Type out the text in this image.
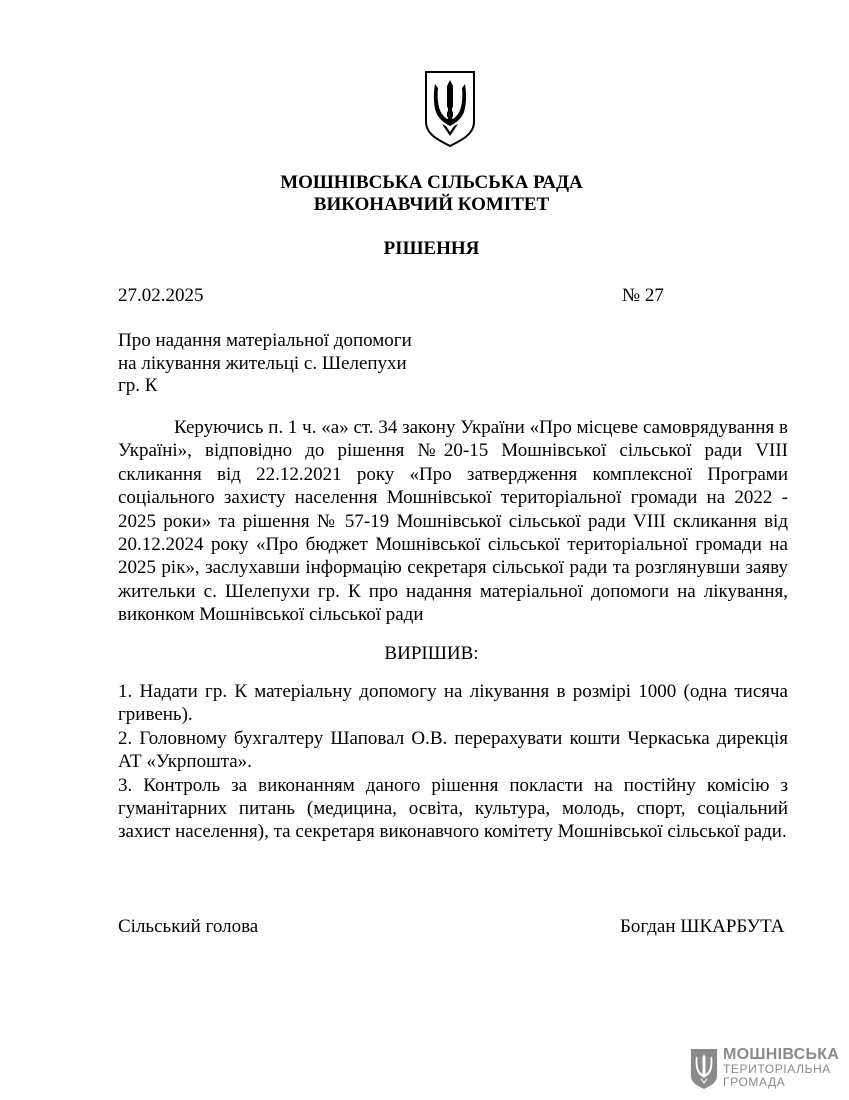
МОШНІВСЬКА СІЛЬСЬКА РАДА
ВИКОНАВЧИЙ КОМІТЕТ
РІШЕННЯ
27.02.2025	№ 27
Про надання матеріальної допомоги
на лікування жительці с. Шелепухи
гр. К
Керуючись п. 1 ч. «а» ст. 34 закону України «Про місцеве самоврядування в Україні», відповідно до рішення №20-15 Мошнівської сільської ради VIII скликання від 22.12.2021 року «Про затвердження комплексної Програми соціального захисту населення Мошнівської територіальної громади на 2022 - 2025 роки» та рішення № 57-19 Мошнівської сільської ради VIII скликання від 20.12.2024 року «Про бюджет Мошнівської сільської територіальної громади на 2025 рік», заслухавши інформацію секретаря сільської ради та розглянувши заяву жительки с. Шелепухи гр. К про надання матеріальної допомоги на лікування, виконком Мошнівської сільської ради
ВИРІШИВ:
1. Надати гр. К матеріальну допомогу на лікування в розмірі 1000 (одна тисяча гривень).
2. Головному бухгалтеру Шаповал О.В. перерахувати кошти Черкаська дирекція АТ «Укрпошта».
3. Контроль за виконанням даного рішення покласти на постійну комісію з гуманітарних питань (медицина, освіта, культура, молодь, спорт, соціальний захист населення), та секретаря виконавчого комітету Мошнівської сільської ради.
Сільський голова	Богдан ШКАРБУТА
МОШНІВСЬКА
ТЕРИТОРІАЛЬНА
ГРОМАДА
